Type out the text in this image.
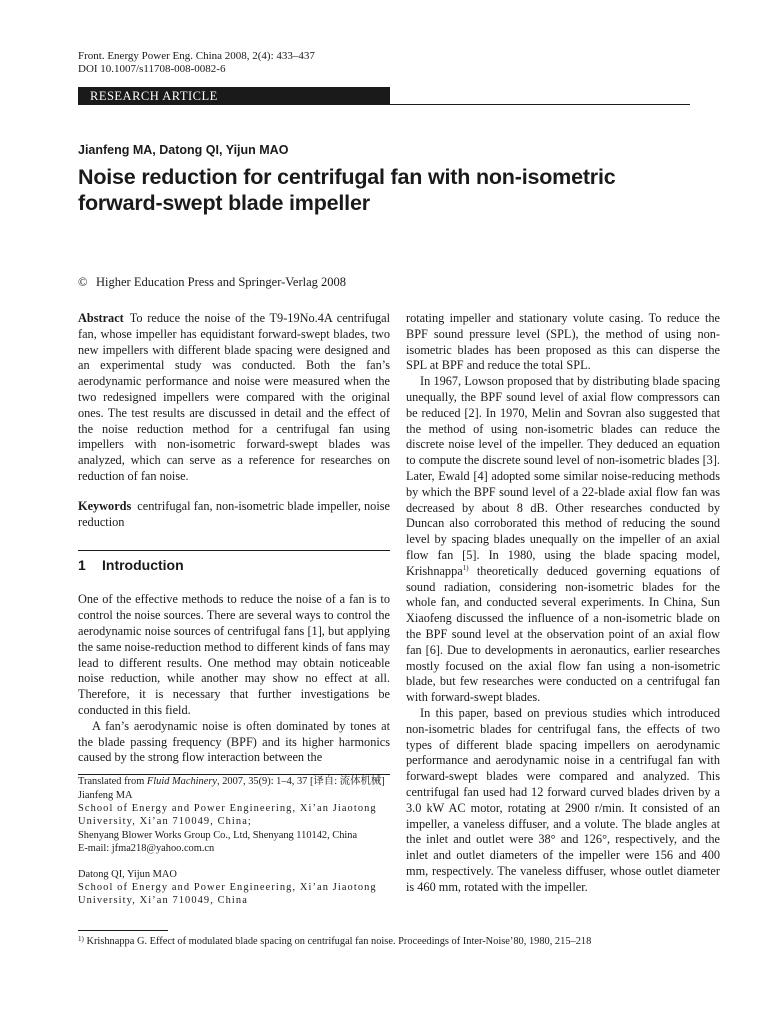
Front. Energy Power Eng. China 2008, 2(4): 433–437
DOI 10.1007/s11708-008-0082-6
RESEARCH ARTICLE
Jianfeng MA, Datong QI, Yijun MAO
Noise reduction for centrifugal fan with non-isometric forward-swept blade impeller
© Higher Education Press and Springer-Verlag 2008

Abstract To reduce the noise of the T9-19No.4A centrifugal fan, whose impeller has equidistant forward-swept blades, two new impellers with different blade spacing were designed and an experimental study was conducted. Both the fan’s aerodynamic performance and noise were measured when the two redesigned impellers were compared with the original ones. The test results are discussed in detail and the effect of the noise reduction method for a centrifugal fan using impellers with non-isometric forward-swept blades was analyzed, which can serve as a reference for researches on reduction of fan noise.

Keywords centrifugal fan, non-isometric blade impeller, noise reduction

1 Introduction

One of the effective methods to reduce the noise of a fan is to control the noise sources. There are several ways to control the aerodynamic noise sources of centrifugal fans [1], but applying the same noise-reduction method to different kinds of fans may lead to different results. One method may obtain noticeable noise reduction, while another may show no effect at all. Therefore, it is necessary that further investigations be conducted in this field.

A fan’s aerodynamic noise is often dominated by tones at the blade passing frequency (BPF) and its higher harmonics caused by the strong flow interaction between the

Translated from Fluid Machinery, 2007, 35(9): 1–4, 37 [译自: 流体机械]
Jianfeng MA
School of Energy and Power Engineering, Xi’an Jiaotong University, Xi’an 710049, China;
Shenyang Blower Works Group Co., Ltd, Shenyang 110142, China
E-mail: jfma218@yahoo.com.cn
Datong QI, Yijun MAO
School of Energy and Power Engineering, Xi’an Jiaotong University, Xi’an 710049, China

rotating impeller and stationary volute casing. To reduce the BPF sound pressure level (SPL), the method of using non-isometric blades has been proposed as this can disperse the SPL at BPF and reduce the total SPL.

In 1967, Lowson proposed that by distributing blade spacing unequally, the BPF sound level of axial flow compressors can be reduced [2]. In 1970, Melin and Sovran also suggested that the method of using non-isometric blades can reduce the discrete noise level of the impeller. They deduced an equation to compute the discrete sound level of non-isometric blades [3]. Later, Ewald [4] adopted some similar noise-reducing methods by which the BPF sound level of a 22-blade axial flow fan was decreased by about 8 dB. Other researches conducted by Duncan also corroborated this method of reducing the sound level by spacing blades unequally on the impeller of an axial flow fan [5]. In 1980, using the blade spacing model, Krishnappa$^{1)}$ theoretically deduced governing equations of sound radiation, considering non-isometric blades for the whole fan, and conducted several experiments. In China, Sun Xiaofeng discussed the influence of a non-isometric blade on the BPF sound level at the observation point of an axial flow fan [6]. Due to developments in aeronautics, earlier researches mostly focused on the axial flow fan using a non-isometric blade, but few researches were conducted on a centrifugal fan with forward-swept blades.

In this paper, based on previous studies which introduced non-isometric blades for centrifugal fans, the effects of two types of different blade spacing impellers on aerodynamic performance and aerodynamic noise in a centrifugal fan with forward-swept blades were compared and analyzed. This centrifugal fan used had 12 forward curved blades driven by a 3.0 kW AC motor, rotating at 2900 r/min. It consisted of an impeller, a vaneless diffuser, and a volute. The blade angles at the inlet and outlet were 38° and 126°, respectively, and the inlet and outlet diameters of the impeller were 156 and 400 mm, respectively. The vaneless diffuser, whose outlet diameter is 460 mm, rotated with the impeller.

$^{1)}$ Krishnappa G. Effect of modulated blade spacing on centrifugal fan noise. Proceedings of Inter-Noise’80, 1980, 215–218
